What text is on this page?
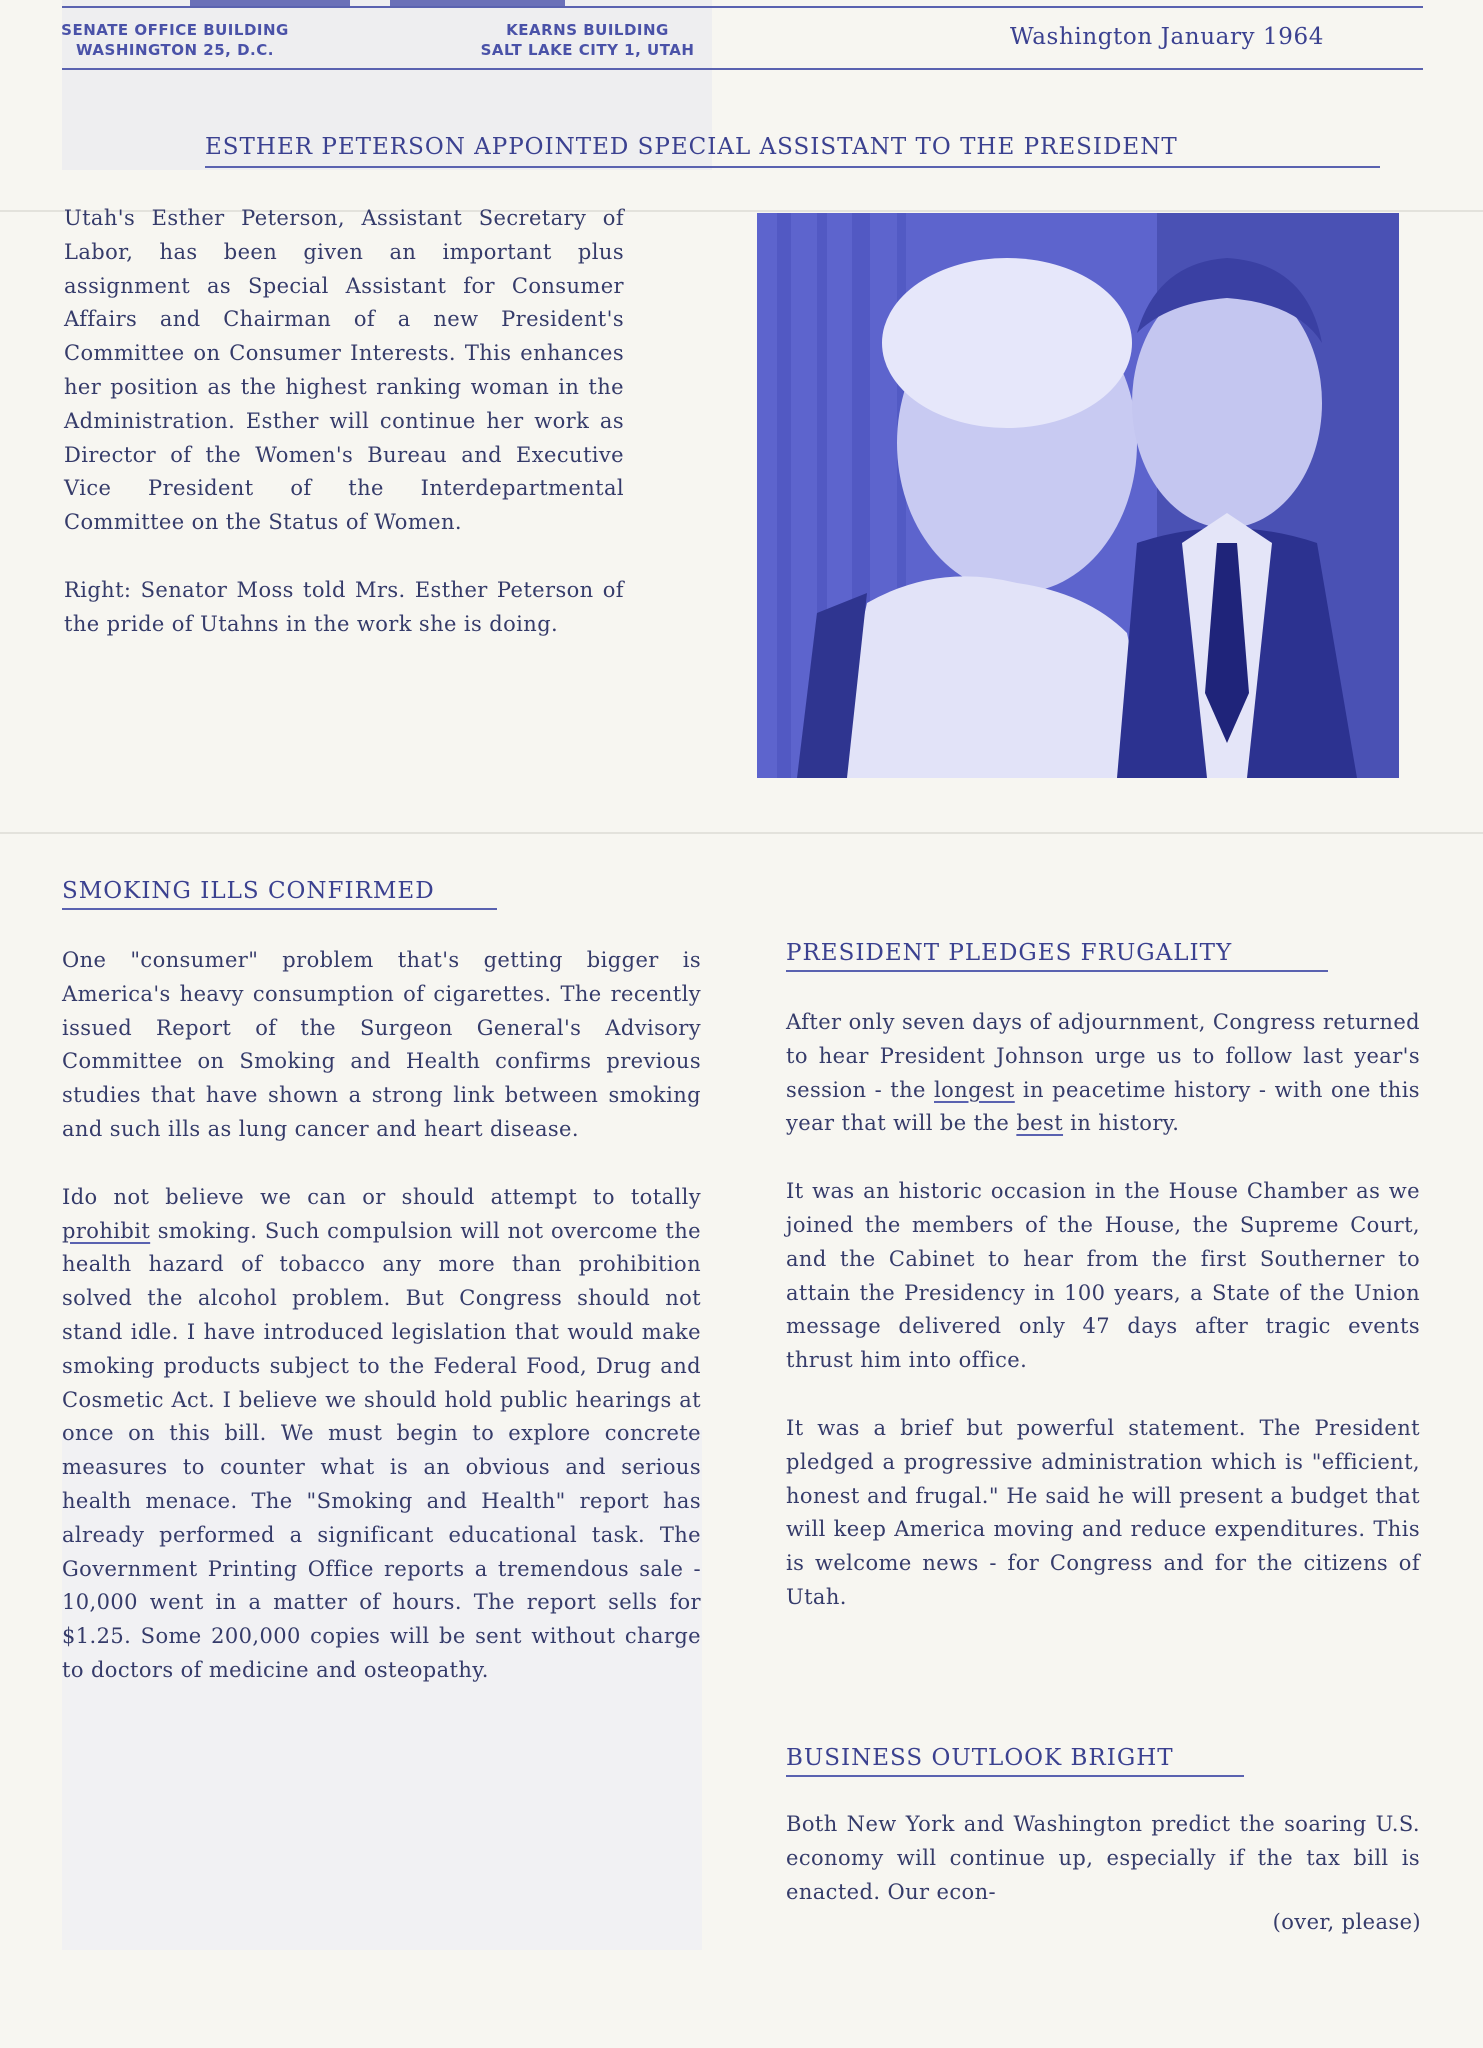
SENATE OFFICE BUILDING
WASHINGTON 25, D.C.
KEARNS BUILDING
SALT LAKE CITY 1, UTAH	Washington January 1964
ESTHER PETERSON APPOINTED SPECIAL ASSISTANT TO THE PRESIDENT

Utah's Esther Peterson, Assistant Secretary of Labor, has been given an important plus assignment as Special Assistant for Consumer Affairs and Chairman of a new President's Committee on Consumer Interests. This enhances her position as the highest ranking woman in the Administration. Esther will continue her work as Director of the Women's Bureau and Executive Vice President of the Interdepartmental Committee on the Status of Women.

Right: Senator Moss told Mrs. Esther Peterson of the pride of Utahns in the work she is doing.

SMOKING ILLS CONFIRMED

One "consumer" problem that's getting bigger is America's heavy consumption of cigarettes. The recently issued Report of the Surgeon General's Advisory Committee on Smoking and Health confirms previous studies that have shown a strong link between smoking and such ills as lung cancer and heart disease.

Ido not believe we can or should attempt to totally prohibit smoking. Such compulsion will not overcome the health hazard of tobacco any more than prohibition solved the alcohol problem. But Congress should not stand idle. I have introduced legislation that would make smoking products subject to the Federal Food, Drug and Cosmetic Act. I believe we should hold public hearings at once on this bill. We must begin to explore concrete measures to counter what is an obvious and serious health menace. The "Smoking and Health" report has already performed a significant educational task. The Government Printing Office reports a tremendous sale - 10,000 went in a matter of hours. The report sells for $1.25. Some 200,000 copies will be sent without charge to doctors of medicine and osteopathy.

PRESIDENT PLEDGES FRUGALITY

After only seven days of adjournment, Congress returned to hear President Johnson urge us to follow last year's session - the longest in peacetime history - with one this year that will be the best in history.

It was an historic occasion in the House Chamber as we joined the members of the House, the Supreme Court, and the Cabinet to hear from the first Southerner to attain the Presidency in 100 years, a State of the Union message delivered only 47 days after tragic events thrust him into office.

It was a brief but powerful statement. The President pledged a progressive administration which is "efficient, honest and frugal." He said he will present a budget that will keep America moving and reduce expenditures. This is welcome news - for Congress and for the citizens of Utah.

BUSINESS OUTLOOK BRIGHT

Both New York and Washington predict the soaring U.S. economy will continue up, especially if the tax bill is enacted. Our econ-

(over, please)
